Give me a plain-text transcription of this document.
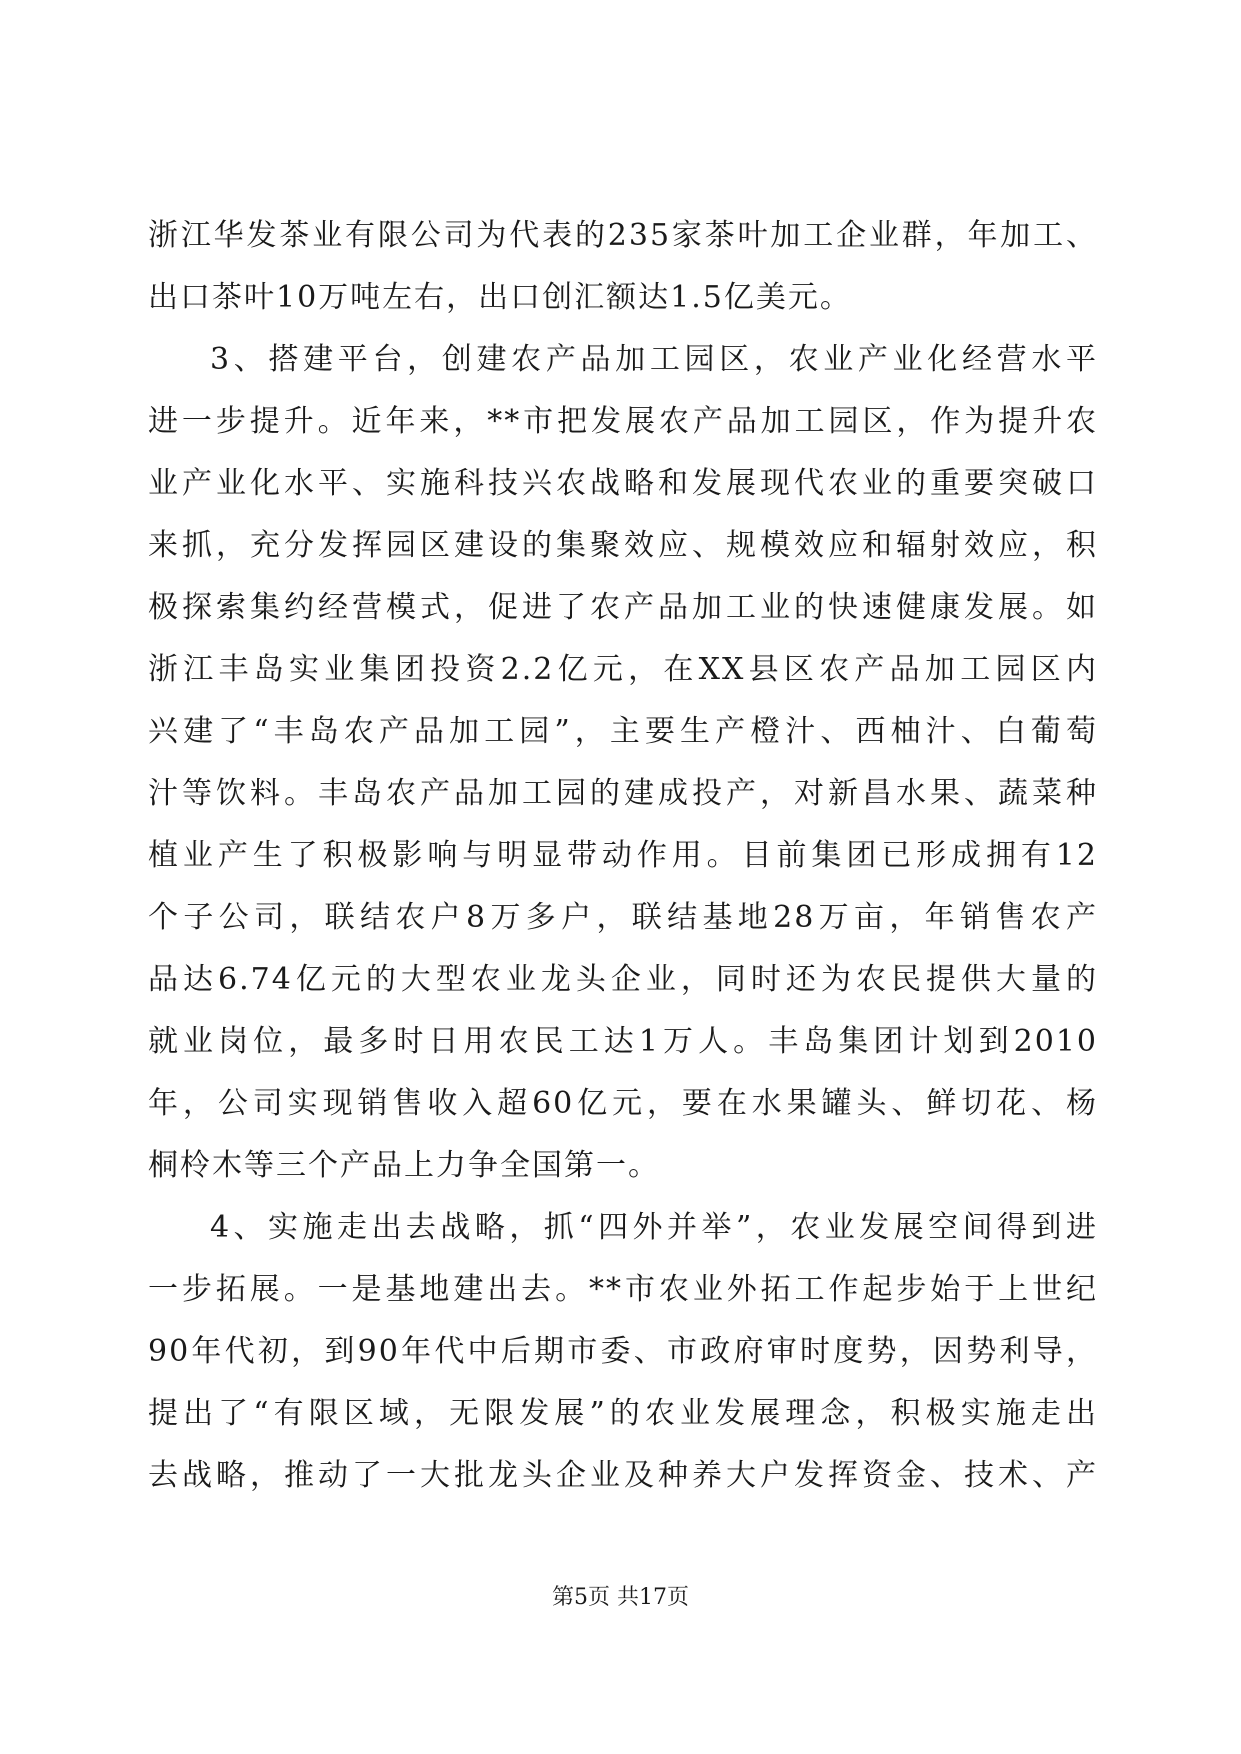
浙江华发茶业有限公司为代表的235家茶叶加工企业群，年加工、
出口茶叶10万吨左右，出口创汇额达1.5亿美元。
3、搭建平台，创建农产品加工园区，农业产业化经营水平
进一步提升。近年来，**市把发展农产品加工园区，作为提升农
业产业化水平、实施科技兴农战略和发展现代农业的重要突破口
来抓，充分发挥园区建设的集聚效应、规模效应和辐射效应，积
极探索集约经营模式，促进了农产品加工业的快速健康发展。如
浙江丰岛实业集团投资2.2亿元，在XX县区农产品加工园区内
兴建了“丰岛农产品加工园”，主要生产橙汁、西柚汁、白葡萄
汁等饮料。丰岛农产品加工园的建成投产，对新昌水果、蔬菜种
植业产生了积极影响与明显带动作用。目前集团已形成拥有12
个子公司，联结农户8万多户，联结基地28万亩，年销售农产
品达6.74亿元的大型农业龙头企业，同时还为农民提供大量的
就业岗位，最多时日用农民工达1万人。丰岛集团计划到2010
年，公司实现销售收入超60亿元，要在水果罐头、鲜切花、杨
桐柃木等三个产品上力争全国第一。
4、实施走出去战略，抓“四外并举”，农业发展空间得到进
一步拓展。一是基地建出去。**市农业外拓工作起步始于上世纪
90年代初，到90年代中后期市委、市政府审时度势，因势利导，
提出了“有限区域，无限发展”的农业发展理念，积极实施走出
去战略，推动了一大批龙头企业及种养大户发挥资金、技术、产
第5页 共17页
